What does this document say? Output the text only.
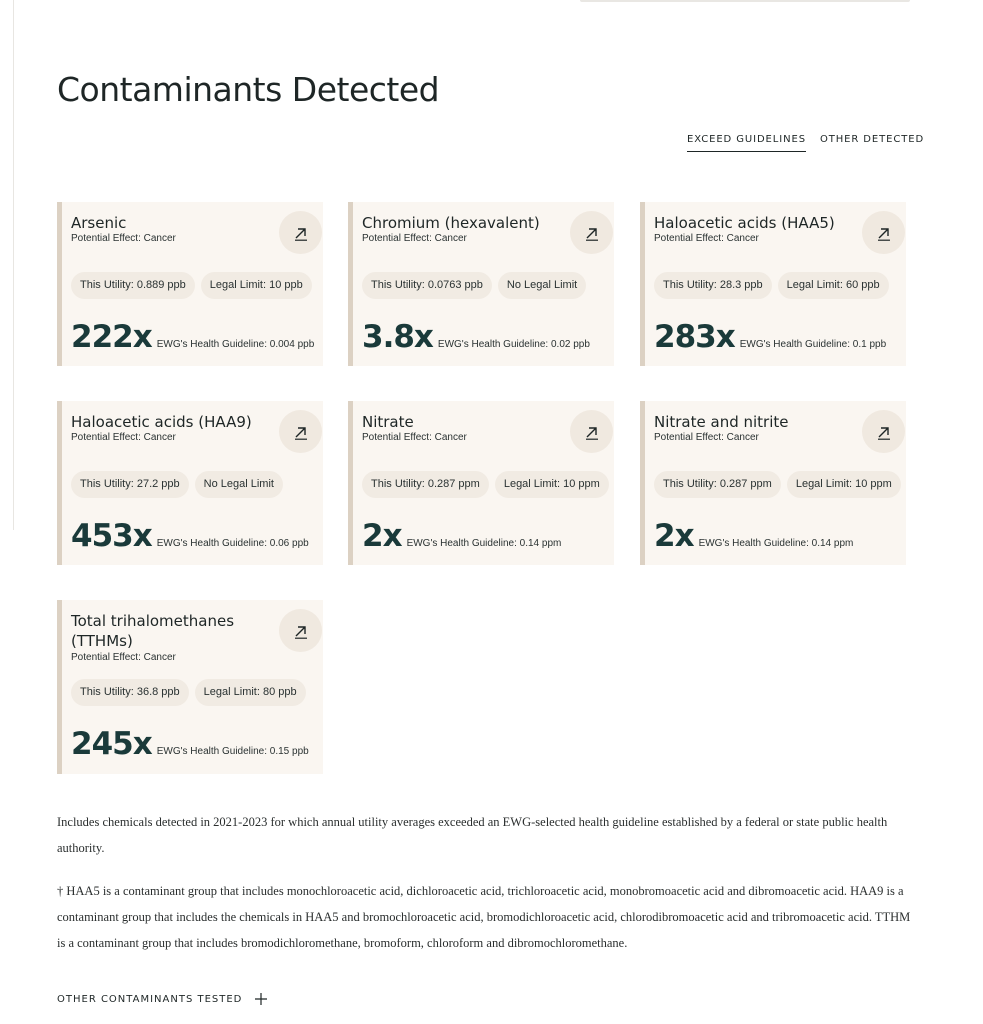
Contaminants Detected
EXCEED GUIDELINES OTHER DETECTED
Arsenic
Potential Effect: Cancer
This Utility: 0.889 ppb	Legal Limit: 10 ppb
222x EWG's Health Guideline: 0.004 ppb
Chromium (hexavalent)
Potential Effect: Cancer
This Utility: 0.0763 ppb	No Legal Limit
3.8x EWG's Health Guideline: 0.02 ppb
Haloacetic acids (HAA5)
Potential Effect: Cancer
This Utility: 28.3 ppb	Legal Limit: 60 ppb
283x EWG's Health Guideline: 0.1 ppb
Haloacetic acids (HAA9)
Potential Effect: Cancer
This Utility: 27.2 ppb	No Legal Limit
453x EWG's Health Guideline: 0.06 ppb
Nitrate
Potential Effect: Cancer
This Utility: 0.287 ppm	Legal Limit: 10 ppm
2x EWG's Health Guideline: 0.14 ppm
Nitrate and nitrite
Potential Effect: Cancer
This Utility: 0.287 ppm	Legal Limit: 10 ppm
2x EWG's Health Guideline: 0.14 ppm
Total trihalomethanes (TTHMs)
Potential Effect: Cancer
This Utility: 36.8 ppb	Legal Limit: 80 ppb
245x EWG's Health Guideline: 0.15 ppb

Includes chemicals detected in 2021-2023 for which annual utility averages exceeded an EWG-selected health guideline established by a federal or state public health authority.

† HAA5 is a contaminant group that includes monochloroacetic acid, dichloroacetic acid, trichloroacetic acid, monobromoacetic acid and dibromoacetic acid. HAA9 is a contaminant group that includes the chemicals in HAA5 and bromochloroacetic acid, bromodichloroacetic acid, chlorodibromoacetic acid and tribromoacetic acid. TTHM is a contaminant group that includes bromodichloromethane, bromoform, chloroform and dibromochloromethane.

OTHER CONTAMINANTS TESTED
